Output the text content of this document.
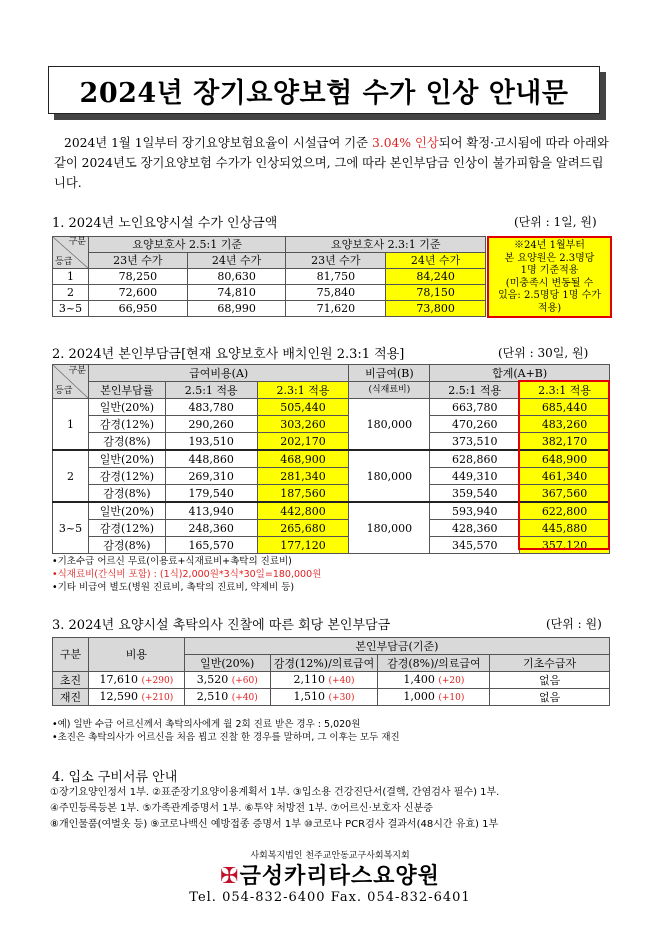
2024년 장기요양보험 수가 인상 안내문
2024년 1월 1일부터 장기요양보험요율이 시설급여 기준 3.04% 인상되어 확정·고시됨에 따라 아래와 같이 2024년도 장기요양보험 수가가 인상되었으며, 그에 따라 본인부담금 인상이 불가피함을 알려드립니다.
1. 2024년 노인요양시설 수가 인상금액	(단위 : 1일, 원)
구분
등급	요양보호사 2.5:1 기준		요양보호사 2.3:1 기준	
	23년 수가	24년 수가	23년 수가	24년 수가
1	78,250	80,630	81,750	84,240
2	72,600	74,810	75,840	78,150
3~5	66,950	68,990	71,620	73,800
※24년 1월부터
본 요양원은 2.3명당
1명 기준적용
(미충족시 변동될 수
있음: 2.5명당 1명 수가
적용)
2. 2024년 본인부담금[현재 요양보호사 배치인원 2.3:1 적용]	(단위 : 30일, 원)
구분
등급	급여비용(A)			비급여(B)	합계(A+B)	
	본인부담률	2.5:1 적용	2.3:1 적용	(식재료비)	2.5:1 적용	2.3:1 적용
1	일반(20%)	483,780	505,440	180,000	663,780	685,440
	감경(12%)	290,260	303,260		470,260	483,260
	감경(8%)	193,510	202,170		373,510	382,170
2	일반(20%)	448,860	468,900	180,000	628,860	648,900
	감경(12%)	269,310	281,340		449,310	461,340
	감경(8%)	179,540	187,560		359,540	367,560
3~5	일반(20%)	413,940	442,800	180,000	593,940	622,800
	감경(12%)	248,360	265,680		428,360	445,880
	감경(8%)	165,570	177,120		345,570	357,120
•기초수급 어르신 무료(이용료+식재료비+촉탁의 진료비)
•식재료비(간식비 포함) : (1식)2,000원*3식*30일=180,000원
•기타 비급여 별도(병원 진료비, 촉탁의 진료비, 약제비 등)
3. 2024년 요양시설 촉탁의사 진찰에 따른 회당 본인부담금	(단위 : 원)
구분	비용	본인부담금(기준)			
		일반(20%)	감경(12%)/의료급여	감경(8%)/의료급여	기초수급자
초진	17,610 (+290)	3,520 (+60)	2,110 (+40)	1,400 (+20)	없음
재진	12,590 (+210)	2,510 (+40)	1,510 (+30)	1,000 (+10)	없음
•예) 일반 수급 어르신께서 촉탁의사에게 월 2회 진료 받은 경우 : 5,020원
•초진은 촉탁의사가 어르신을 처음 뵙고 진찰 한 경우를 말하며, 그 이후는 모두 재진
4. 입소 구비서류 안내
①장기요양인정서 1부. ②표준장기요양이용계획서 1부. ③입소용 건강진단서(결핵, 간염검사 필수) 1부.
④주민등록등본 1부. ⑤가족관계증명서 1부. ⑥투약 처방전 1부. ⑦어르신·보호자 신분증
⑧개인물품(여벌옷 등) ⑨코로나백신 예방접종 증명서 1부 ⑩코로나 PCR검사 결과서(48시간 유효) 1부
사회복지법인 천주교안동교구사회복지회
✠금성카리타스요양원
Tel. 054-832-6400 Fax. 054-832-6401
